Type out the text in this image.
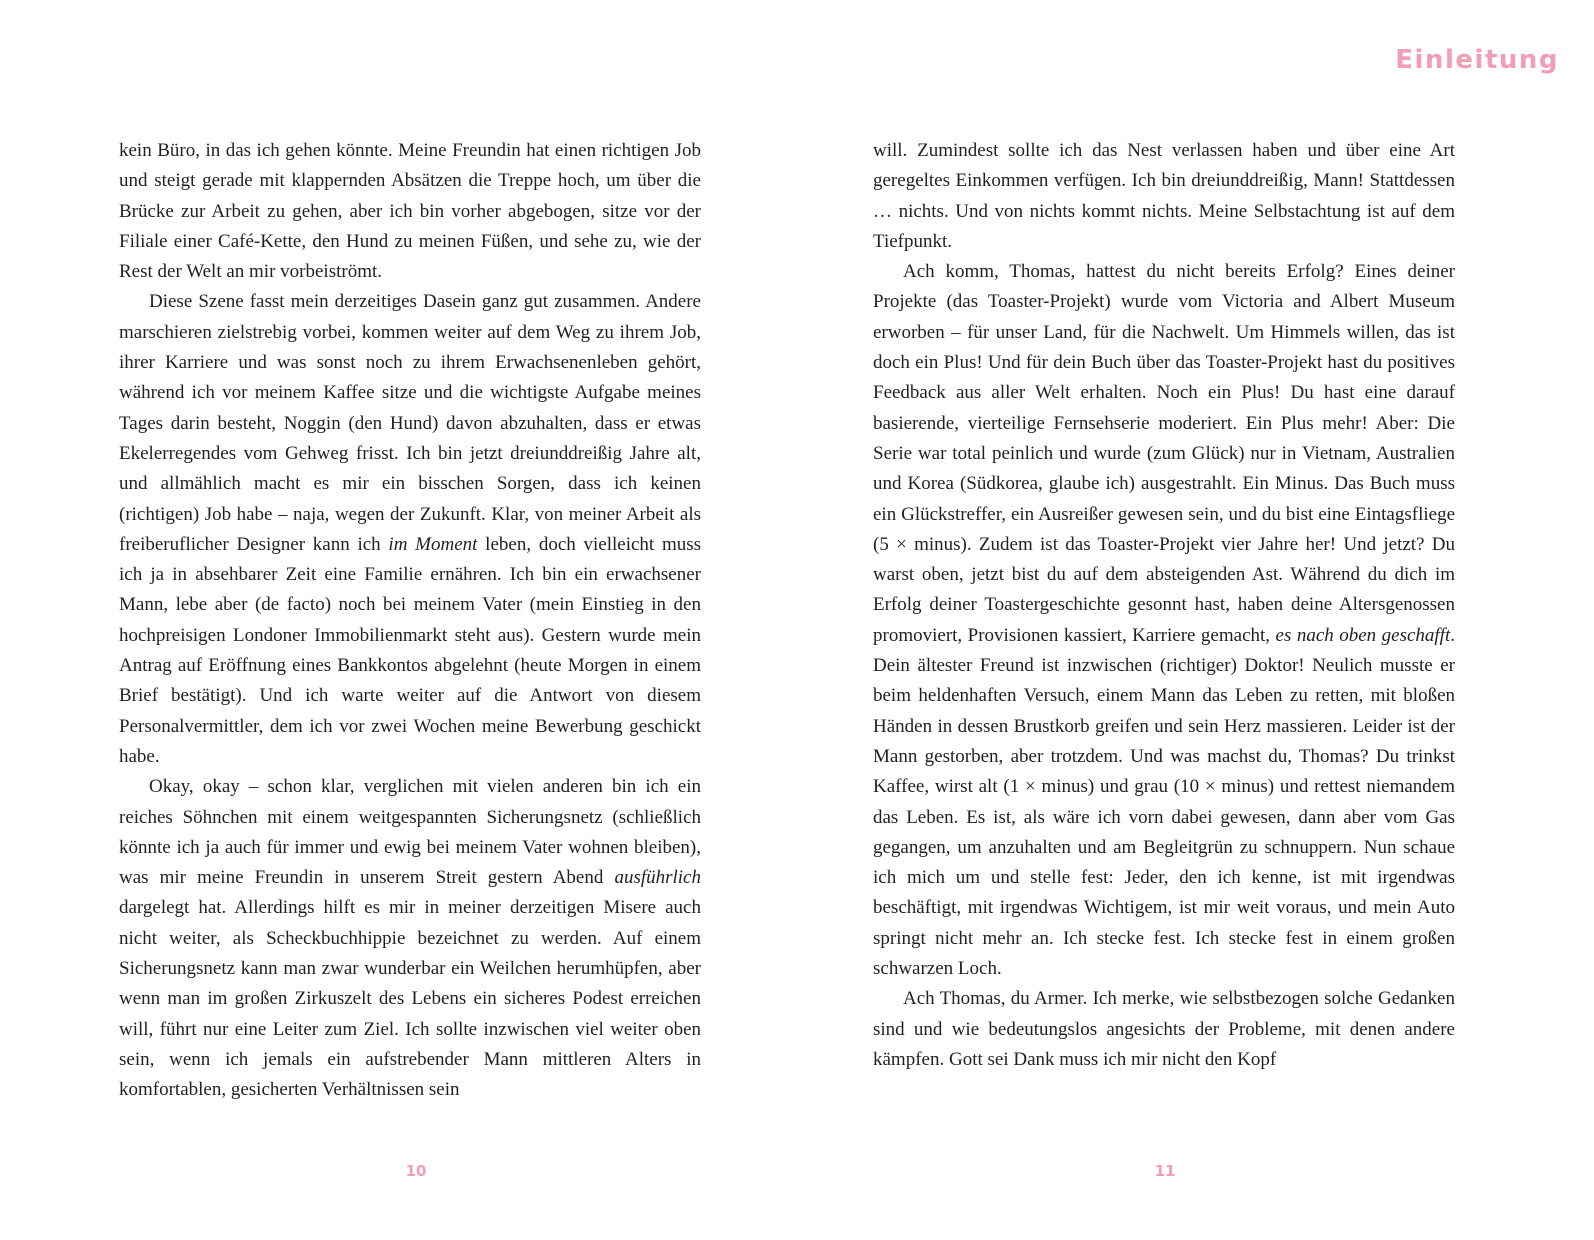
kein Büro, in das ich gehen könnte. Meine Freundin hat einen richtigen Job und steigt gerade mit klappernden Absätzen die Treppe hoch, um über die Brücke zur Arbeit zu gehen, aber ich bin vorher abgebogen, sitze vor der Filiale einer Café-Kette, den Hund zu meinen Füßen, und sehe zu, wie der Rest der Welt an mir vorbeiströmt.

Diese Szene fasst mein derzeitiges Dasein ganz gut zusammen. Andere marschieren zielstrebig vorbei, kommen weiter auf dem Weg zu ihrem Job, ihrer Karriere und was sonst noch zu ihrem Erwachsenenleben gehört, während ich vor meinem Kaffee sitze und die wichtigste Aufgabe meines Tages darin besteht, Noggin (den Hund) davon abzuhalten, dass er etwas Ekelerregendes vom Gehweg frisst. Ich bin jetzt dreiunddreißig Jahre alt, und allmählich macht es mir ein bisschen Sorgen, dass ich keinen (richtigen) Job habe – naja, wegen der Zukunft. Klar, von meiner Arbeit als freiberuflicher Designer kann ich im Moment leben, doch vielleicht muss ich ja in absehbarer Zeit eine Familie ernähren. Ich bin ein erwachsener Mann, lebe aber (de facto) noch bei meinem Vater (mein Einstieg in den hochpreisigen Londoner Immobilienmarkt steht aus). Gestern wurde mein Antrag auf Eröffnung eines Bankkontos abgelehnt (heute Morgen in einem Brief bestätigt). Und ich warte weiter auf die Antwort von diesem Personalvermittler, dem ich vor zwei Wochen meine Bewerbung geschickt habe.

Okay, okay – schon klar, verglichen mit vielen anderen bin ich ein reiches Söhnchen mit einem weitgespannten Sicherungsnetz (schließlich könnte ich ja auch für immer und ewig bei meinem Vater wohnen bleiben), was mir meine Freundin in unserem Streit gestern Abend ausführlich dargelegt hat. Allerdings hilft es mir in meiner derzeitigen Misere auch nicht weiter, als Scheckbuchhippie bezeichnet zu werden. Auf einem Sicherungsnetz kann man zwar wunderbar ein Weilchen herumhüpfen, aber wenn man im großen Zirkuszelt des Lebens ein sicheres Podest erreichen will, führt nur eine Leiter zum Ziel. Ich sollte inzwischen viel weiter oben sein, wenn ich jemals ein aufstrebender Mann mittleren Alters in komfortablen, gesicherten Verhältnissen sein

10
Einleitung

will. Zumindest sollte ich das Nest verlassen haben und über eine Art geregeltes Einkommen verfügen. Ich bin dreiunddreißig, Mann! Stattdessen … nichts. Und von nichts kommt nichts. Meine Selbstachtung ist auf dem Tiefpunkt.

Ach komm, Thomas, hattest du nicht bereits Erfolg? Eines deiner Projekte (das Toaster-Projekt) wurde vom Victoria and Albert Museum erworben – für unser Land, für die Nachwelt. Um Himmels willen, das ist doch ein Plus! Und für dein Buch über das Toaster-Projekt hast du positives Feedback aus aller Welt erhalten. Noch ein Plus! Du hast eine darauf basierende, vierteilige Fernsehserie moderiert. Ein Plus mehr! Aber: Die Serie war total peinlich und wurde (zum Glück) nur in Vietnam, Australien und Korea (Südkorea, glaube ich) ausgestrahlt. Ein Minus. Das Buch muss ein Glückstreffer, ein Ausreißer gewesen sein, und du bist eine Eintagsfliege (5 × minus). Zudem ist das Toaster-Projekt vier Jahre her! Und jetzt? Du warst oben, jetzt bist du auf dem absteigenden Ast. Während du dich im Erfolg deiner Toastergeschichte gesonnt hast, haben deine Altersgenossen promoviert, Provisionen kassiert, Karriere gemacht, es nach oben geschafft. Dein ältester Freund ist inzwischen (richtiger) Doktor! Neulich musste er beim heldenhaften Versuch, einem Mann das Leben zu retten, mit bloßen Händen in dessen Brustkorb greifen und sein Herz massieren. Leider ist der Mann gestorben, aber trotzdem. Und was machst du, Thomas? Du trinkst Kaffee, wirst alt (1 × minus) und grau (10 × minus) und rettest niemandem das Leben. Es ist, als wäre ich vorn dabei gewesen, dann aber vom Gas gegangen, um anzuhalten und am Begleitgrün zu schnuppern. Nun schaue ich mich um und stelle fest: Jeder, den ich kenne, ist mit irgendwas beschäftigt, mit irgendwas Wichtigem, ist mir weit voraus, und mein Auto springt nicht mehr an. Ich stecke fest. Ich stecke fest in einem großen schwarzen Loch.

Ach Thomas, du Armer. Ich merke, wie selbstbezogen solche Gedanken sind und wie bedeutungslos angesichts der Probleme, mit denen andere kämpfen. Gott sei Dank muss ich mir nicht den Kopf

11
